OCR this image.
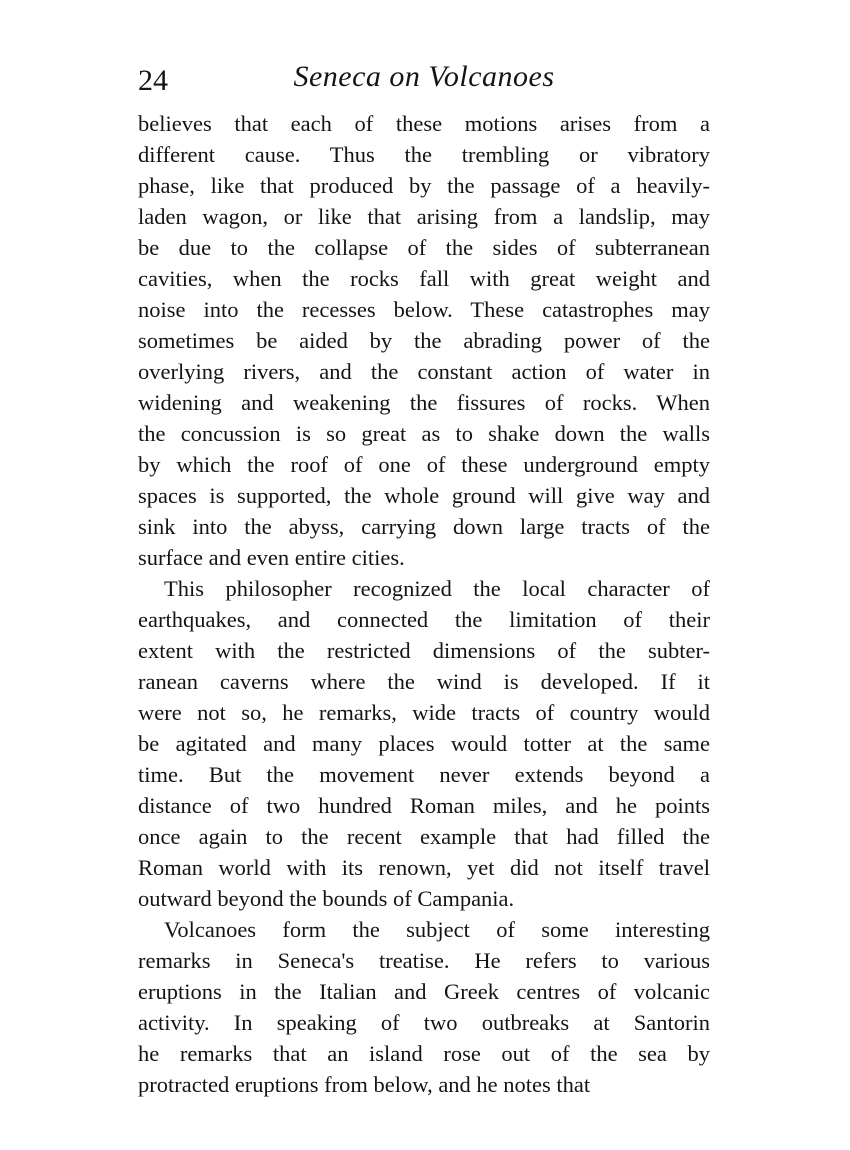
24	Seneca on Volcanoes
believes that each of these motions arises from a
different cause. Thus the trembling or vibratory
phase, like that produced by the passage of a heavily-
laden wagon, or like that arising from a landslip, may
be due to the collapse of the sides of subterranean
cavities, when the rocks fall with great weight and
noise into the recesses below. These catastrophes may
sometimes be aided by the abrading power of the
overlying rivers, and the constant action of water in
widening and weakening the fissures of rocks. When
the concussion is so great as to shake down the walls
by which the roof of one of these underground empty
spaces is supported, the whole ground will give way and
sink into the abyss, carrying down large tracts of the
surface and even entire cities.
This philosopher recognized the local character of
earthquakes, and connected the limitation of their
extent with the restricted dimensions of the subter-
ranean caverns where the wind is developed. If it
were not so, he remarks, wide tracts of country would
be agitated and many places would totter at the same
time. But the movement never extends beyond a
distance of two hundred Roman miles, and he points
once again to the recent example that had filled the
Roman world with its renown, yet did not itself travel
outward beyond the bounds of Campania.
Volcanoes form the subject of some interesting
remarks in Seneca's treatise. He refers to various
eruptions in the Italian and Greek centres of volcanic
activity. In speaking of two outbreaks at Santorin
he remarks that an island rose out of the sea by
protracted eruptions from below, and he notes that
